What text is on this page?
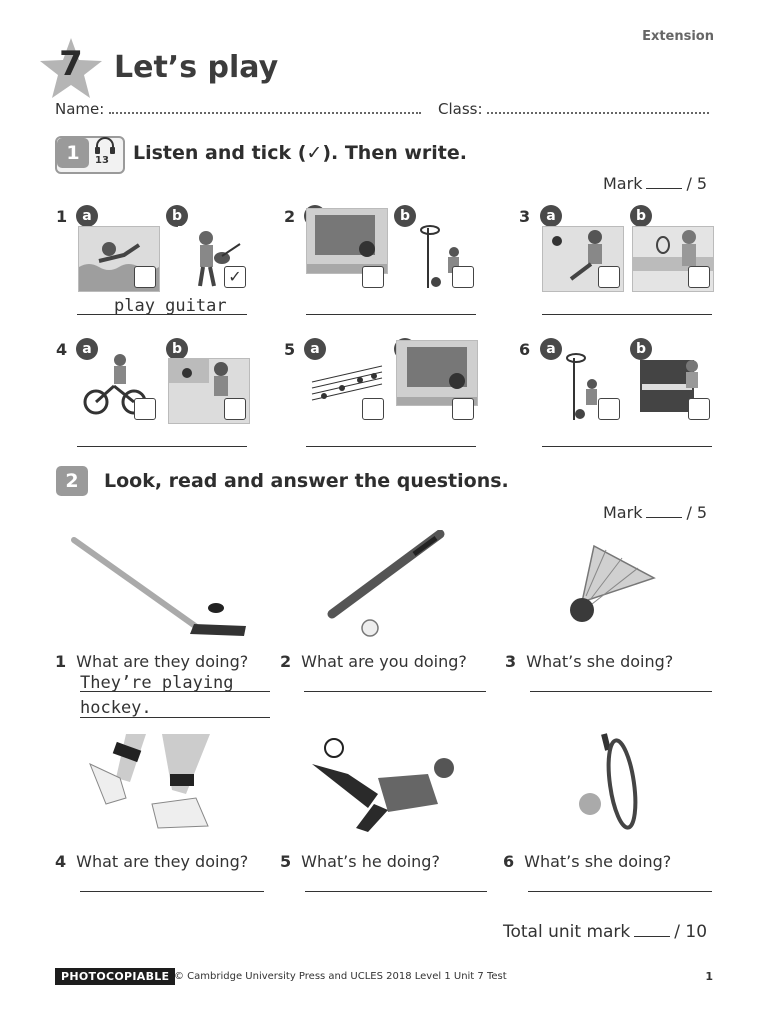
Extension
7	Let’s play
Name:	Class:
1	13 Listen and tick (✓). Then write.
Mark	/ 5
1	a	b
✓
play guitar
2	b	3	a	b
4	a	b	5	a	6	a	b
2	Look, read and answer the questions.
Mark	/ 5
1 What are they doing?
They’re playing
hockey.
2 What are you doing? 3 What’s she doing?
4 What are they doing? 5 What’s he doing?	6 What’s she doing?
Total unit mark	/ 10
PHOTOCOPIABLE © Cambridge University Press and UCLES 2018 Level 1 Unit 7 Test	1
